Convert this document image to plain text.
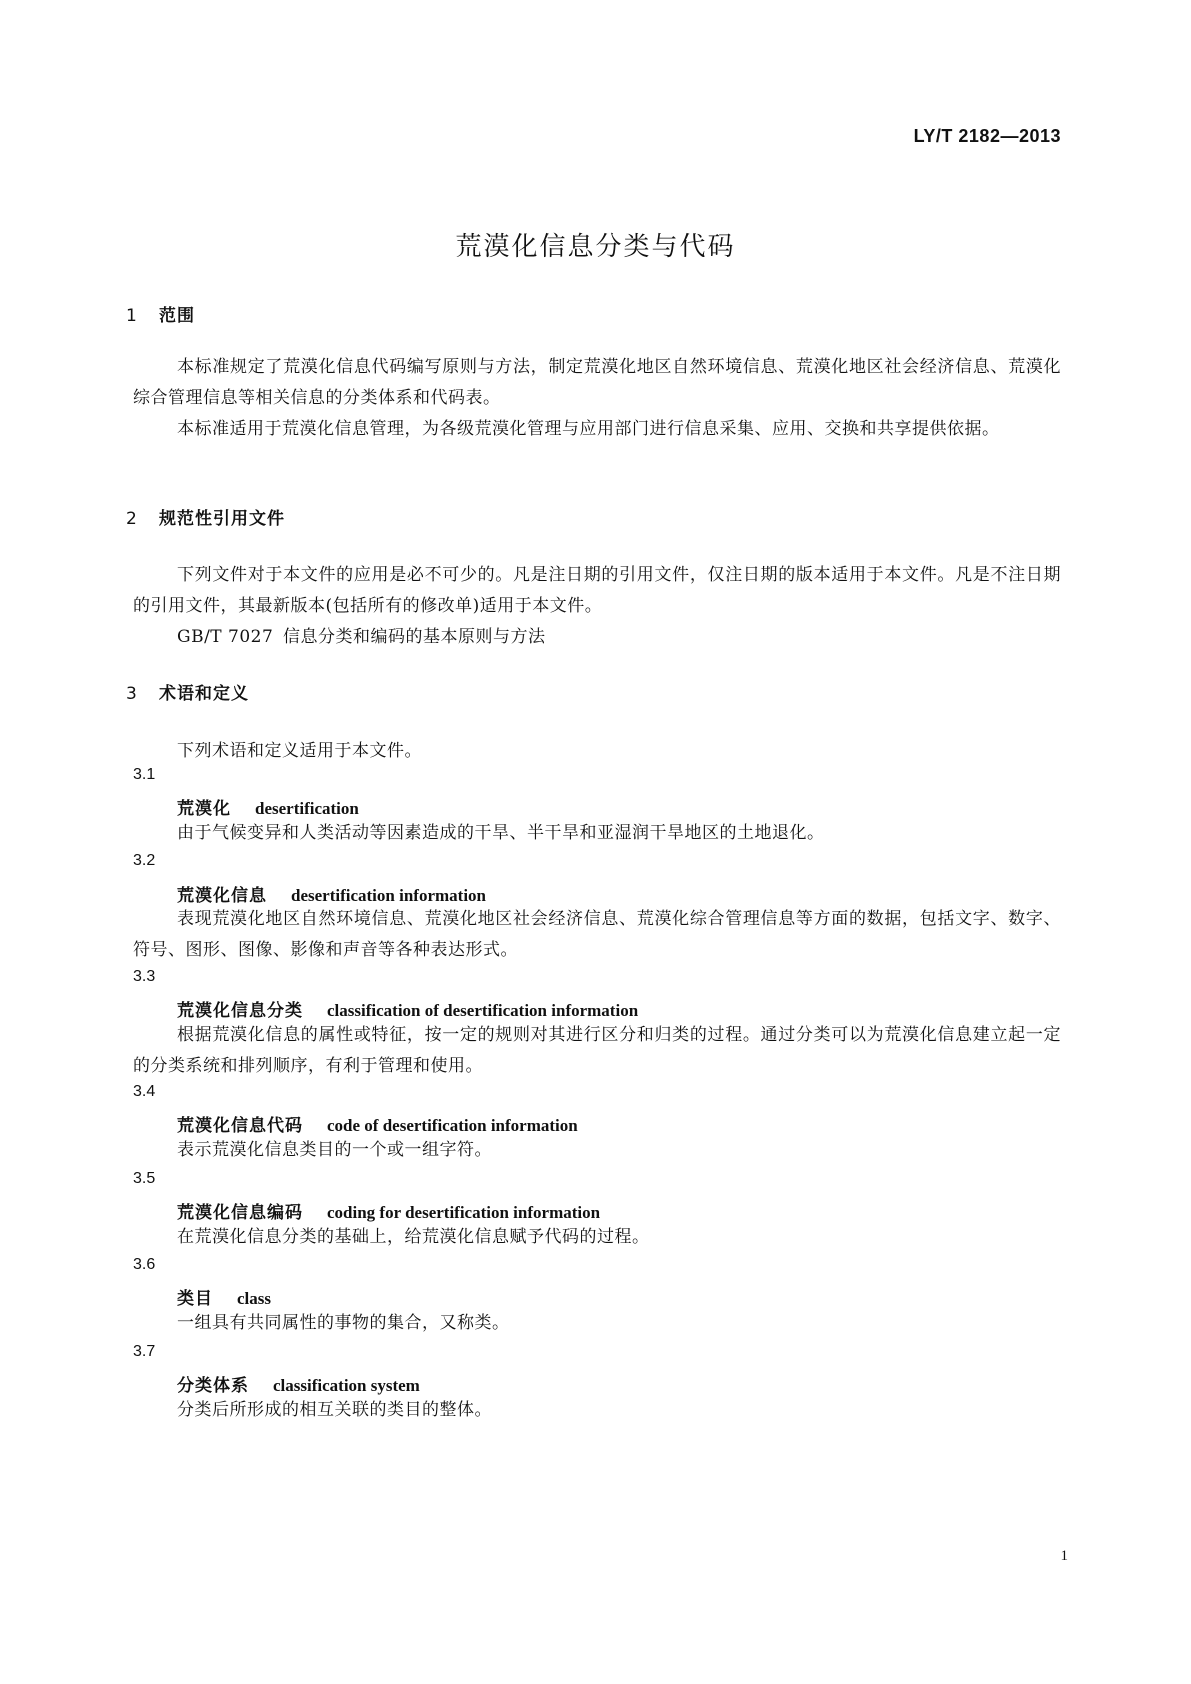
LY/T 2182—2013
荒漠化信息分类与代码
1 范围
本标准规定了荒漠化信息代码编写原则与方法，制定荒漠化地区自然环境信息、荒漠化地区社会经济信息、荒漠化综合管理信息等相关信息的分类体系和代码表。
本标准适用于荒漠化信息管理，为各级荒漠化管理与应用部门进行信息采集、应用、交换和共享提供依据。
2 规范性引用文件
下列文件对于本文件的应用是必不可少的。凡是注日期的引用文件，仅注日期的版本适用于本文件。凡是不注日期的引用文件，其最新版本(包括所有的修改单)适用于本文件。
GB/T 7027 信息分类和编码的基本原则与方法
3 术语和定义
下列术语和定义适用于本文件。
3.1
荒漠化 desertification
由于气候变异和人类活动等因素造成的干旱、半干旱和亚湿润干旱地区的土地退化。
3.2
荒漠化信息 desertification information
表现荒漠化地区自然环境信息、荒漠化地区社会经济信息、荒漠化综合管理信息等方面的数据，包括文字、数字、符号、图形、图像、影像和声音等各种表达形式。
3.3
荒漠化信息分类 classification of desertification information
根据荒漠化信息的属性或特征，按一定的规则对其进行区分和归类的过程。通过分类可以为荒漠化信息建立起一定的分类系统和排列顺序，有利于管理和使用。
3.4
荒漠化信息代码 code of desertification information
表示荒漠化信息类目的一个或一组字符。
3.5
荒漠化信息编码 coding for desertification information
在荒漠化信息分类的基础上，给荒漠化信息赋予代码的过程。
3.6
类目 class
一组具有共同属性的事物的集合，又称类。
3.7
分类体系 classification system
分类后所形成的相互关联的类目的整体。
1
